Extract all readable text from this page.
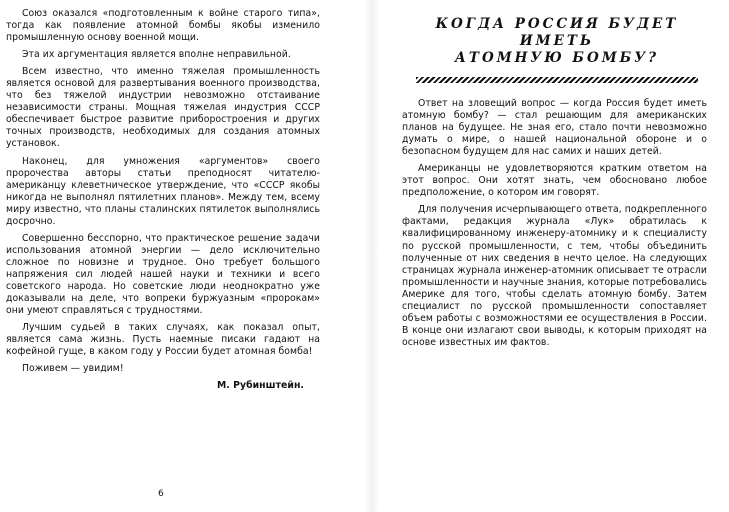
Союз оказался «подготовленным к войне старого типа», тогда как появление атомной бомбы якобы изменило промышленную основу военной мощи.

Эта их аргументация является вполне неправильной.

Всем известно, что именно тяжелая промышленность является основой для развертывания военного производства, что без тяжелой индустрии невозможно отстаивание независимости страны. Мощная тяжелая индустрия СССР обеспечивает быстрое развитие приборостроения и других точных производств, необходимых для создания атомных установок.

Наконец, для умножения «аргументов» своего пророчества авторы статьи преподносят читателю-американцу клеветническое утверждение, что «СССР якобы никогда не выполнял пятилетних планов». Между тем, всему миру известно, что планы сталинских пятилеток выполнялись досрочно.

Совершенно бесспорно, что практическое решение задачи использования атомной энергии — дело исключительно сложное по новизне и трудное. Оно требует большого напряжения сил людей нашей науки и техники и всего советского народа. Но советские люди неоднократно уже доказывали на деле, что вопреки буржуазным «пророкам» они умеют справляться с трудностями.

Лучшим судьей в таких случаях, как показал опыт, является сама жизнь. Пусть наемные писаки гадают на кофейной гуще, в каком году у России будет атомная бомба!

Поживем — увидим!

М. Рубинштейн.

6
КОГДА РОССИЯ БУДЕТ ИМЕТЬ
АТОМНУЮ БОМБУ?

Ответ на зловещий вопрос — когда Россия будет иметь атомную бомбу? — стал решающим для американских планов на будущее. Не зная его, стало почти невозможно думать о мире, о нашей национальной обороне и о безопасном будущем для нас самих и наших детей.

Американцы не удовлетворяются кратким ответом на этот вопрос. Они хотят знать, чем обосновано любое предположение, о котором им говорят.

Для получения исчерпывающего ответа, подкрепленного фактами, редакция журнала «Лук» обратилась к квалифицированному инженеру-атомнику и к специалисту по русской промышленности, с тем, чтобы объединить полученные от них сведения в нечто целое. На следующих страницах журнала инженер-атомник описывает те отрасли промышленности и научные знания, которые потребовались Америке для того, чтобы сделать атомную бомбу. Затем специалист по русской промышленности сопоставляет объем работы с возможностями ее осуществления в России. В конце они излагают свои выводы, к которым приходят на основе известных им фактов.
